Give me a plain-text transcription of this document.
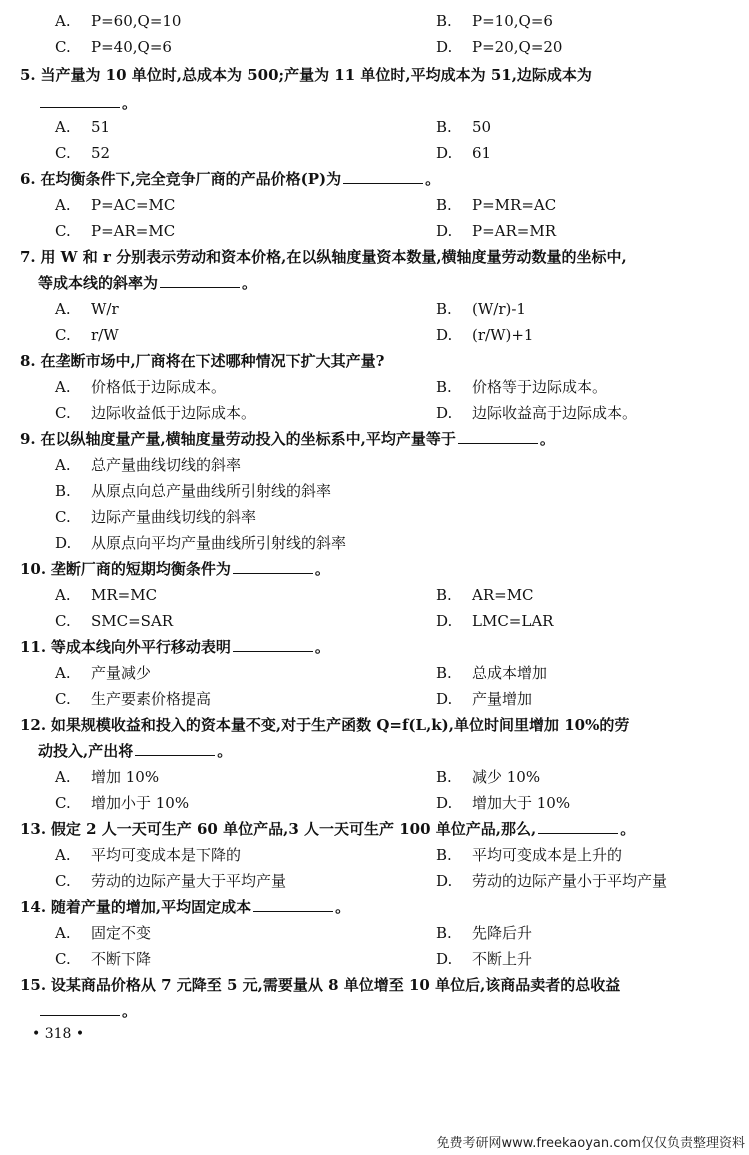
A. P=60,Q=10	B. P=10,Q=6
C. P=40,Q=6	D. P=20,Q=20
5. 当产量为 10 单位时,总成本为 500;产量为 11 单位时,平均成本为 51,边际成本为
。
A. 51	B. 50
C. 52	D. 61
6. 在均衡条件下,完全竞争厂商的产品价格(P)为	。
A. P=AC=MC	B. P=MR=AC
C. P=AR=MC	D. P=AR=MR
7. 用 W 和 r 分别表示劳动和资本价格,在以纵轴度量资本数量,横轴度量劳动数量的坐标中,
等成本线的斜率为	。
A. W/r	B. (W/r)-1
C. r/W	D. (r/W)+1
8. 在垄断市场中,厂商将在下述哪种情况下扩大其产量?
A. 价格低于边际成本。	B. 价格等于边际成本。
C. 边际收益低于边际成本。	D. 边际收益高于边际成本。
9. 在以纵轴度量产量,横轴度量劳动投入的坐标系中,平均产量等于	。
A. 总产量曲线切线的斜率
B. 从原点向总产量曲线所引射线的斜率
C. 边际产量曲线切线的斜率
D. 从原点向平均产量曲线所引射线的斜率
10. 垄断厂商的短期均衡条件为	。
A. MR=MC	B. AR=MC
C. SMC=SAR	D. LMC=LAR
11. 等成本线向外平行移动表明	。
A. 产量减少	B. 总成本增加
C. 生产要素价格提高	D. 产量增加
12. 如果规模收益和投入的资本量不变,对于生产函数 Q=f(L,k),单位时间里增加 10%的劳
动投入,产出将	。
A. 增加 10%	B. 减少 10%
C. 增加小于 10%	D. 增加大于 10%
13. 假定 2 人一天可生产 60 单位产品,3 人一天可生产 100 单位产品,那么,	。
A. 平均可变成本是下降的	B. 平均可变成本是上升的
C. 劳动的边际产量大于平均产量	D. 劳动的边际产量小于平均产量
14. 随着产量的增加,平均固定成本	。
A. 固定不变	B. 先降后升
C. 不断下降	D. 不断上升
15. 设某商品价格从 7 元降至 5 元,需要量从 8 单位增至 10 单位后,该商品卖者的总收益
。
• 318 •
免费考研网www.freekaoyan.com仅仅负责整理资料
